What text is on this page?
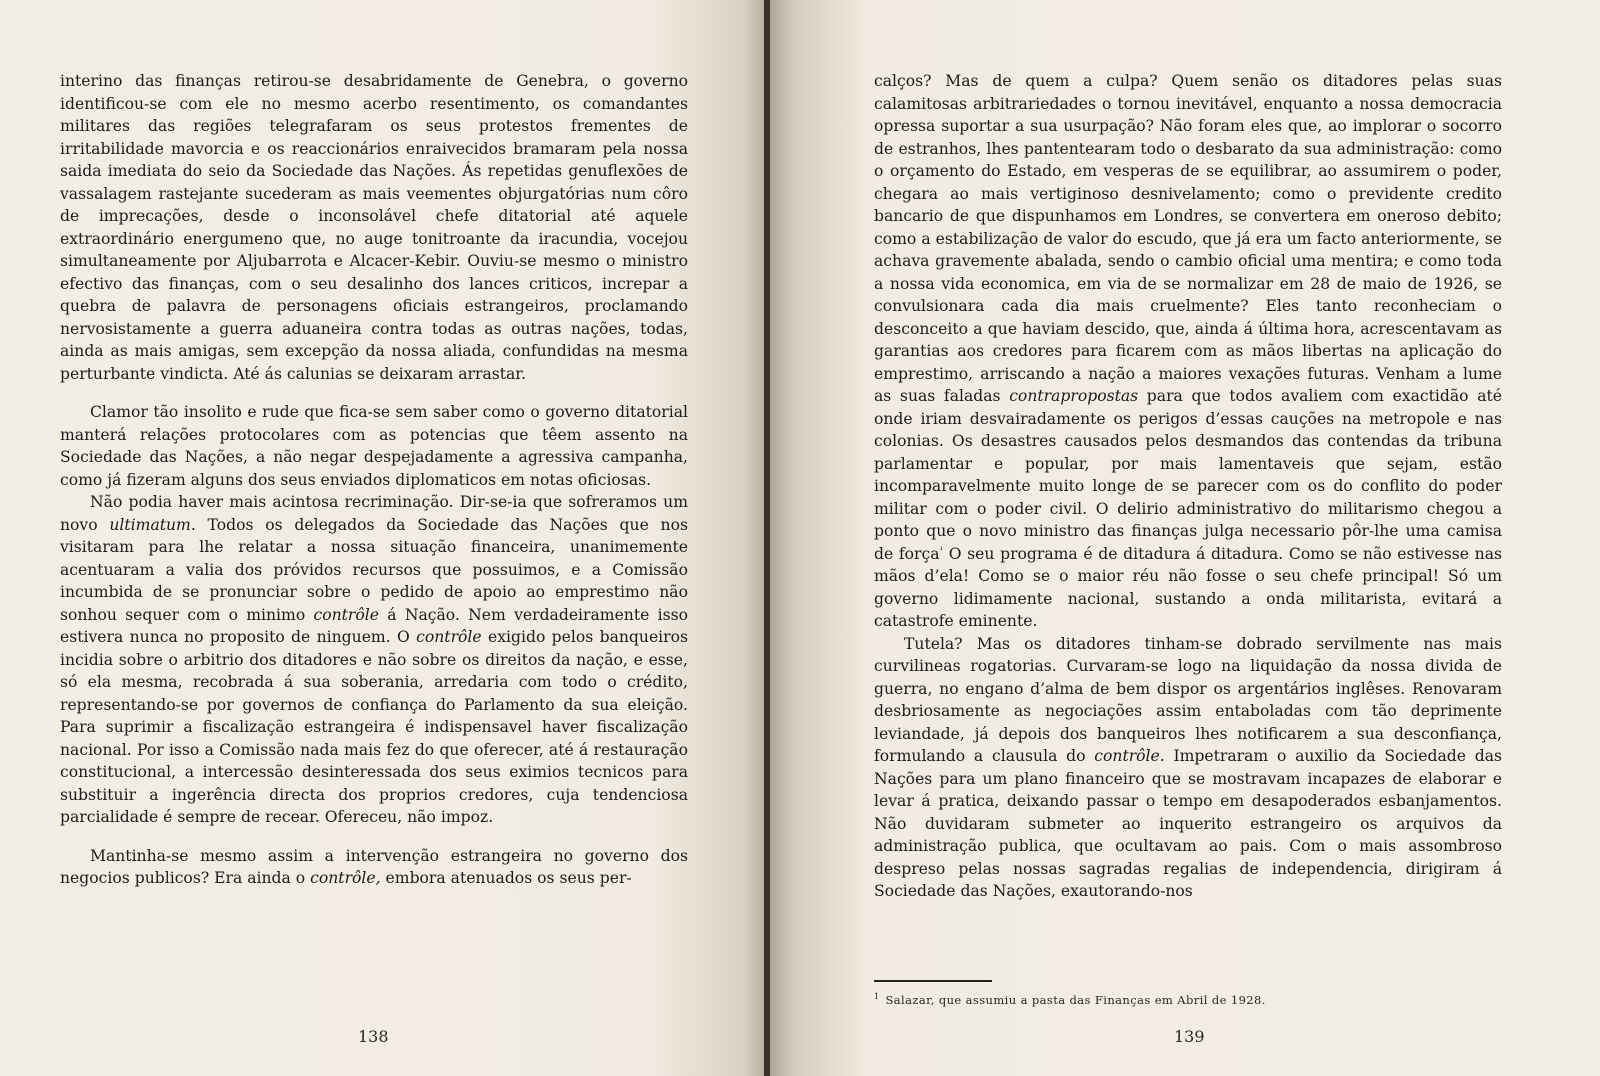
interino das finanças retirou-se desabridamente de Genebra, o governo identificou-se com ele no mesmo acerbo resentimento, os comandantes militares das regiões telegrafaram os seus protestos frementes de irritabilidade mavorcia e os reaccionários enraivecidos bramaram pela nossa saida imediata do seio da Sociedade das Nações. Ás repetidas genuflexões de vassalagem rastejante sucederam as mais veementes objurgatórias num côro de imprecações, desde o inconsolável chefe ditatorial até aquele extraordinário energumeno que, no auge tonitroante da iracundia, vocejou simultaneamente por Aljubarrota e Alcacer-Kebir. Ouviu-se mesmo o ministro efectivo das finanças, com o seu desalinho dos lances criticos, increpar a quebra de palavra de personagens oficiais estrangeiros, proclamando nervosistamente a guerra aduaneira contra todas as outras nações, todas, ainda as mais amigas, sem excepção da nossa aliada, confundidas na mesma perturbante vindicta. Até ás calunias se deixaram arrastar.

Clamor tão insolito e rude que fica-se sem saber como o governo ditatorial manterá relações protocolares com as potencias que têem assento na Sociedade das Nações, a não negar despejadamente a agressiva campanha, como já fizeram alguns dos seus enviados diplomaticos em notas oficiosas.

Não podia haver mais acintosa recriminação. Dir-se-ia que sofreramos um novo ultimatum. Todos os delegados da Sociedade das Nações que nos visitaram para lhe relatar a nossa situação financeira, unanimemente acentuaram a valia dos próvidos recursos que possuimos, e a Comissão incumbida de se pronunciar sobre o pedido de apoio ao emprestimo não sonhou sequer com o minimo contrôle á Nação. Nem verdadeiramente isso estivera nunca no proposito de ninguem. O contrôle exigido pelos banqueiros incidia sobre o arbitrio dos ditadores e não sobre os direitos da nação, e esse, só ela mesma, recobrada á sua soberania, arredaria com todo o crédito, representando-se por governos de confiança do Parlamento da sua eleição. Para suprimir a fiscalização estrangeira é indispensavel haver fiscalização nacional. Por isso a Comissão nada mais fez do que oferecer, até á restauração constitucional, a intercessão desinteressada dos seus eximios tecnicos para substituir a ingerência directa dos proprios credores, cuja tendenciosa parcialidade é sempre de recear. Ofereceu, não impoz.

Mantinha-se mesmo assim a intervenção estrangeira no governo dos negocios publicos? Era ainda o contrôle, embora atenuados os seus per-

138

calços? Mas de quem a culpa? Quem senão os ditadores pelas suas calamitosas arbitrariedades o tornou inevitável, enquanto a nossa democracia opressa suportar a sua usurpação? Não foram eles que, ao implorar o socorro de estranhos, lhes pantentearam todo o desbarato da sua administração: como o orçamento do Estado, em vesperas de se equilibrar, ao assumirem o poder, chegara ao mais vertiginoso desnivelamento; como o previdente credito bancario de que dispunhamos em Londres, se convertera em oneroso debito; como a estabilização de valor do escudo, que já era um facto anteriormente, se achava gravemente abalada, sendo o cambio oficial uma mentira; e como toda a nossa vida economica, em via de se normalizar em 28 de maio de 1926, se convulsionara cada dia mais cruelmente? Eles tanto reconheciam o desconceito a que haviam descido, que, ainda á última hora, acrescentavam as garantias aos credores para ficarem com as mãos libertas na aplicação do emprestimo, arriscando a nação a maiores vexações futuras. Venham a lume as suas faladas contrapropostas para que todos avaliem com exactidão até onde iriam desvairadamente os perigos d’essas cauções na metropole e nas colonias. Os desastres causados pelos desmandos das contendas da tribuna parlamentar e popular, por mais lamentaveis que sejam, estão incomparavelmente muito longe de se parecer com os do conflito do poder militar com o poder civil. O delirio administrativo do militarismo chegou a ponto que o novo ministro das finanças julga necessario pôr-lhe uma camisa de força$^{^1}$ O seu programa é de ditadura á ditadura. Como se não estivesse nas mãos d’ela! Como se o maior réu não fosse o seu chefe principal! Só um governo lidimamente nacional, sustando a onda militarista, evitará a catastrofe eminente.

Tutela? Mas os ditadores tinham-se dobrado servilmente nas mais curvilineas rogatorias. Curvaram-se logo na liquidação da nossa divida de guerra, no engano d’alma de bem dispor os argentários inglêses. Renovaram desbriosamente as negociações assim entaboladas com tão deprimente leviandade, já depois dos banqueiros lhes notificarem a sua desconfiança, formulando a clausula do contrôle. Impetraram o auxilio da Sociedade das Nações para um plano financeiro que se mostravam incapazes de elaborar e levar á pratica, deixando passar o tempo em desapoderados esbanjamentos. Não duvidaram submeter ao inquerito estrangeiro os arquivos da administração publica, que ocultavam ao pais. Com o mais assombroso despreso pelas nossas sagradas regalias de independencia, dirigiram á Sociedade das Nações, exautorando-nos

$^1$ Salazar, que assumiu a pasta das Finanças em Abril de 1928.
139
